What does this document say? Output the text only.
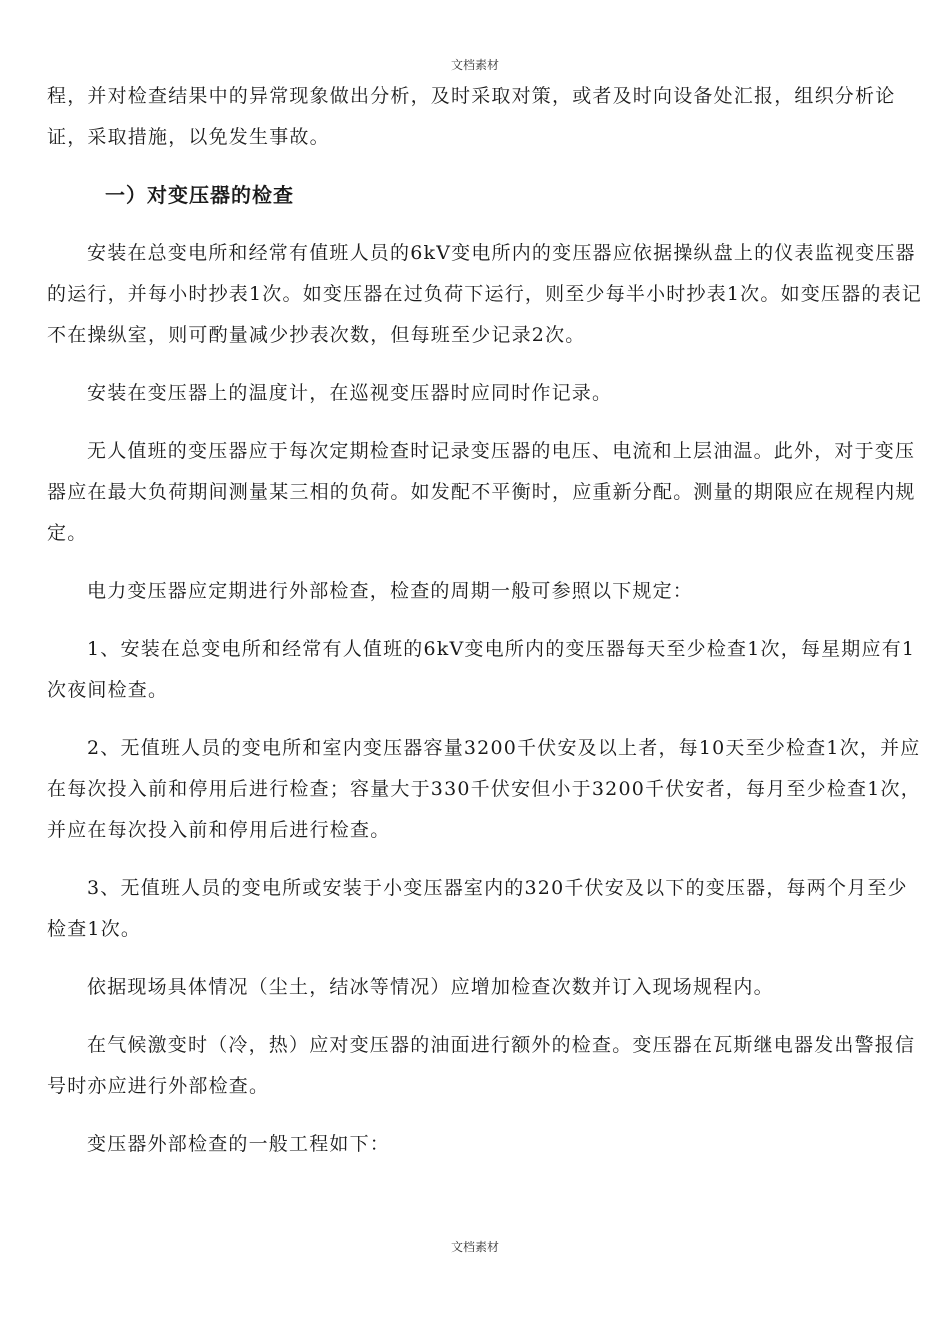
文档素材

程，并对检查结果中的异常现象做出分析，及时采取对策，或者及时向设备处汇报，组织分析论证，采取措施，以免发生事故。

一）对变压器的检查

安装在总变电所和经常有值班人员的6kV变电所内的变压器应依据操纵盘上的仪表监视变压器的运行，并每小时抄表1次。如变压器在过负荷下运行，则至少每半小时抄表1次。如变压器的表记不在操纵室，则可酌量减少抄表次数，但每班至少记录2次。

安装在变压器上的温度计，在巡视变压器时应同时作记录。

无人值班的变压器应于每次定期检查时记录变压器的电压、电流和上层油温。此外，对于变压器应在最大负荷期间测量某三相的负荷。如发配不平衡时，应重新分配。测量的期限应在规程内规定。

电力变压器应定期进行外部检查，检查的周期一般可参照以下规定：

1、安装在总变电所和经常有人值班的6kV变电所内的变压器每天至少检查1次，每星期应有1次夜间检查。

2、无值班人员的变电所和室内变压器容量3200千伏安及以上者，每10天至少检查1次，并应在每次投入前和停用后进行检查；容量大于330千伏安但小于3200千伏安者，每月至少检查1次，并应在每次投入前和停用后进行检查。

3、无值班人员的变电所或安装于小变压器室内的320千伏安及以下的变压器，每两个月至少检查1次。

依据现场具体情况（尘土，结冰等情况）应增加检查次数并订入现场规程内。

在气候激变时（冷，热）应对变压器的油面进行额外的检查。变压器在瓦斯继电器发出警报信号时亦应进行外部检查。

变压器外部检查的一般工程如下：

文档素材
